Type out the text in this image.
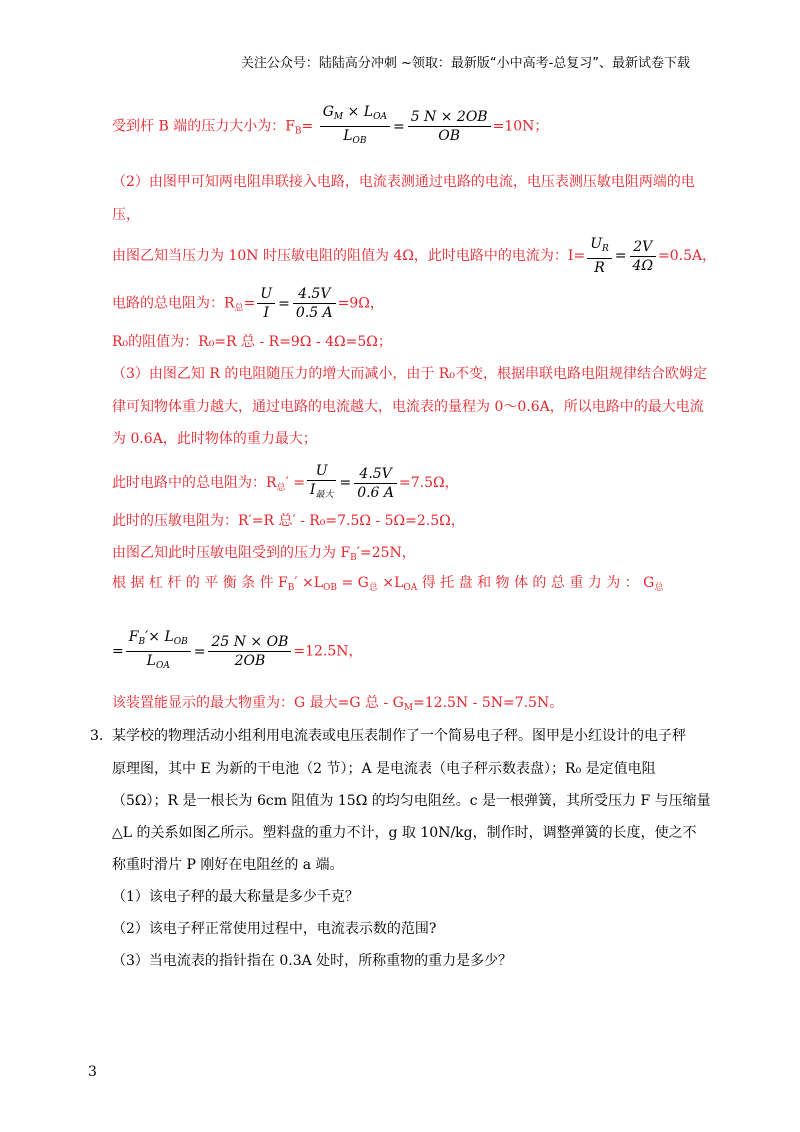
关注公众号：陆陆高分冲刺 ~领取：最新版“小中高考-总复习”、最新试卷下载
受到杆 B 端的压力大小为：$F_B= \frac{G_M \times L_{OA}}{L_{OB}} = \frac{5 N \times 2OB}{OB} =10N$；
（2）由图甲可知两电阻串联接入电路，电流表测通过电路的电流，电压表测压敏电阻两端的电
压，
由图乙知当压力为 10N 时压敏电阻的阻值为 4Ω，此时电路中的电流为：$I= \frac{U_R}{R} = \frac{2V}{4\Omega} =0.5A$，
电路的总电阻为：$R_总= \frac{U}{I} = \frac{4.5V}{0.5 A} =9\Omega$，
R₀的阻值为：R₀=R 总 - R=9Ω - 4Ω=5Ω；
（3）由图乙知 R 的电阻随压力的增大而减小，由于 R₀不变，根据串联电路电阻规律结合欧姆定
律可知物体重力越大，通过电路的电流越大，电流表的量程为 0～0.6A，所以电路中的最大电流
为 0.6A，此时物体的重力最大；
此时电路中的总电阻为：$R_总' = \frac{U}{I_{最大}} = \frac{4.5V}{0.6 A} =7.5\Omega$，
此时的压敏电阻为：R′=R 总′ - R₀=7.5Ω - 5Ω=2.5Ω，
由图乙知此时压敏电阻受到的压力为 $F_B'=25N$，
根 据 杠 杆 的 平 衡 条 件 $F_B' \times L_{OB} = G_总 \times L_{OA}$ 得 托 盘 和 物 体 的 总 重 力 为 ： $G_总$
= $\frac{F_B'\times L_{OB}}{L_{OA}} = \frac{25 N \times OB}{2OB} =12.5N$，
该装置能显示的最大物重为：G 最大=G 总 - $G_M=12.5N - 5N=7.5N$。
3. 某学校的物理活动小组利用电流表或电压表制作了一个简易电子秤。图甲是小红设计的电子秤
原理图，其中 E 为新的干电池（2 节）；A 是电流表（电子秤示数表盘）；R₀ 是定值电阻
（5Ω）；R 是一根长为 6cm 阻值为 15Ω 的均匀电阻丝。c 是一根弹簧，其所受压力 F 与压缩量
△L 的关系如图乙所示。塑料盘的重力不计，g 取 10N/kg，制作时，调整弹簧的长度，使之不
称重时滑片 P 刚好在电阻丝的 a 端。
（1）该电子秤的最大称量是多少千克？
（2）该电子秤正常使用过程中，电流表示数的范围?
（3）当电流表的指针指在 0.3A 处时，所称重物的重力是多少？
3
